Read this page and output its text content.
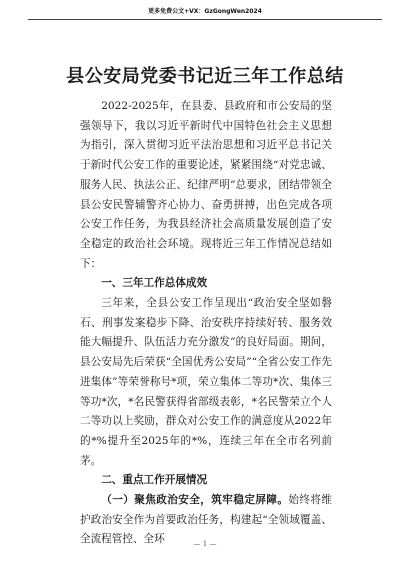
更多免费公文+VX：GzGongWen2024
县公安局党委书记近三年工作总结

2022-2025年，在县委、县政府和市公安局的坚强领导下，我以习近平新时代中国特色社会主义思想为指引，深入贯彻习近平法治思想和习近平总书记关于新时代公安工作的重要论述，紧紧围绕“对党忠诚、服务人民、执法公正、纪律严明”总要求，团结带领全县公安民警辅警齐心协力、奋勇拼搏，出色完成各项公安工作任务，为我县经济社会高质量发展创造了安全稳定的政治社会环境。现将近三年工作情况总结如下：

一、三年工作总体成效

三年来，全县公安工作呈现出“政治安全坚如磐石、刑事发案稳步下降、治安秩序持续好转、服务效能大幅提升、队伍活力充分激发”的良好局面。期间，县公安局先后荣获“全国优秀公安局”“全省公安工作先进集体”等荣誉称号*项，荣立集体二等功*次、集体三等功*次，*名民警获得省部级表彰，*名民警荣立个人二等功以上奖励，群众对公安工作的满意度从2022年的*%提升至2025年的*%，连续三年在全市名列前茅。

二、重点工作开展情况

（一）聚焦政治安全，筑牢稳定屏障。始终将维护政治安全作为首要政治任务，构建起“全领域覆盖、全流程管控、全环	— 1 —
